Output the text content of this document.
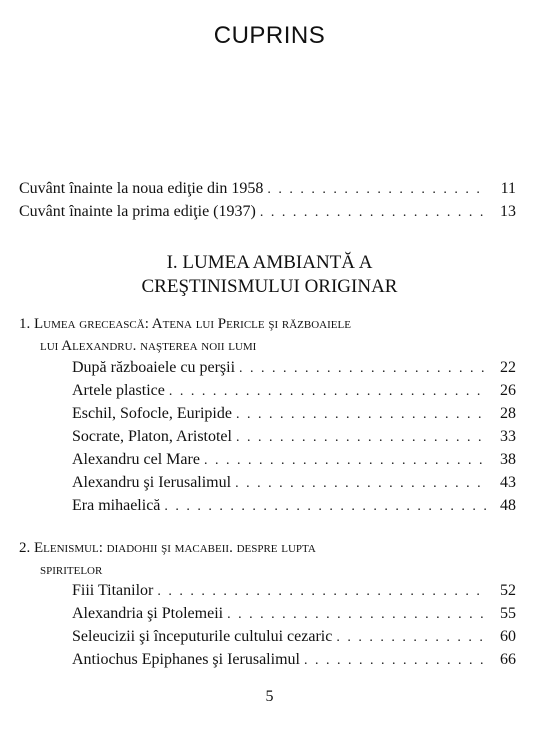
CUPRINS
Cuvânt înainte la noua ediţie din 1958 . . .	11
Cuvânt înainte la prima ediţie (1937) . . .	13
I. LUMEA AMBIANTĂ A
CREŞTINISMULUI ORIGINAR
1. Lumea grecească: Atena lui Pericle şi războaiele
lui Alexandru. naşterea noii lumi
După războaiele cu perşii . . .	22
Artele plastice . . .	26
Eschil, Sofocle, Euripide . . .	28
Socrate, Platon, Aristotel . . .	33
Alexandru cel Mare . . .	38
Alexandru şi Ierusalimul . . .	43
Era mihaelică . . .	48
2. Elenismul: diadohii şi macabeii. despre lupta
spiritelor
Fiii Titanilor . . .	52
Alexandria şi Ptolemeii . . .	55
Seleucizii şi începuturile cultului cezaric . . .	60
Antiochus Epiphanes şi Ierusalimul . . .	66
5
